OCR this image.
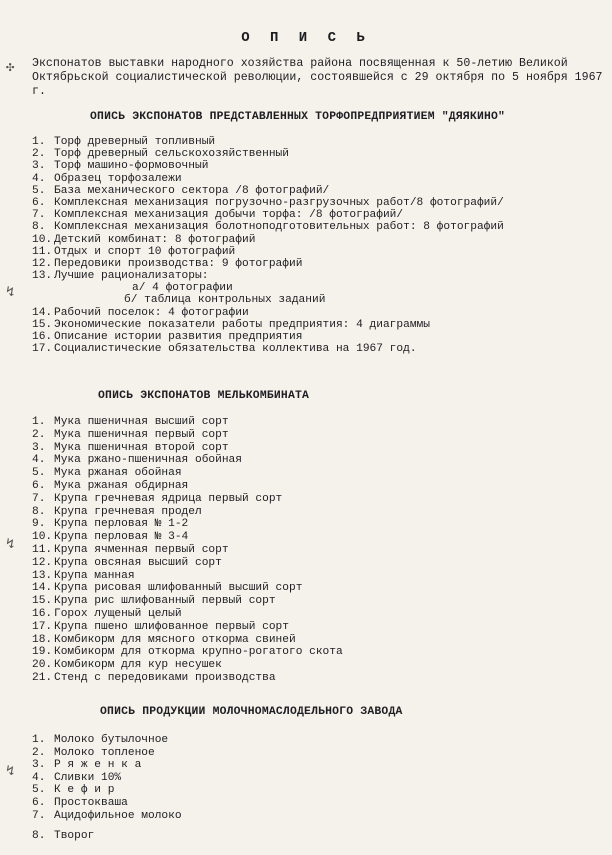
О П И С Ь
✣ Экспонатов выставки народного хозяйства района посвященная к 50-летию Великой Октябрьской социалистической революции, состоявшейся с 29 октября по 5 ноября 1967 г.
ОПИСЬ ЭКСПОНАТОВ ПРЕДСТАВЛЕННЫХ ТОРФОПРЕДПРИЯТИЕМ "ДЯЯКИНО"
1. Торф древерный топливный
2. Торф древерный сельскохозяйственный
3. Торф машино-формовочный
4. Образец торфозалежи
5. База механического сектора /8 фотографий/
6. Комплексная механизация погрузочно-разгрузочных работ/8 фотографий/
7. Комплексная механизация добычи торфа: /8 фотографий/
8. Комплексная механизация болотноподготовительных работ: 8 фотографий
10. Детский комбинат: 8 фотографий
11. Отдых и спорт 10 фотографий
12. Передовики производства: 9 фотографий
13. Лучшие рационализаторы:
а/ 4 фотографии
б/ таблица контрольных заданий
14. Рабочий поселок: 4 фотографии
15. Экономические показатели работы предприятия: 4 диаграммы
16. Описание истории развития предприятия
17. Социалистические обязательства коллектива на 1967 год.
↯
ОПИСЬ ЭКСПОНАТОВ МЕЛЬКОМБИНАТА
1. Мука пшеничная высший сорт
2. Мука пшеничная первый сорт
3. Мука пшеничная второй сорт
4. Мука ржано-пшеничная обойная
5. Мука ржаная обойная
6. Мука ржаная обдирная
7. Крупа гречневая ядрица первый сорт
8. Крупа гречневая продел
9. Крупа перловая № 1-2
10. Крупа перловая № 3-4
11. Крупа ячменная первый сорт
12. Крупа овсяная высший сорт
13. Крупа манная
14. Крупа рисовая шлифованный высший сорт
15. Крупа рис шлифованный первый сорт
16. Горох лущеный целый
17. Крупа пшено шлифованное первый сорт
18. Комбикорм для мясного откорма свиней
19. Комбикорм для откорма крупно-рогатого скота
20. Комбикорм для кур несушек
21. Стенд с передовиками производства
↯
ОПИСЬ ПРОДУКЦИИ МОЛОЧНОМАСЛОДЕЛЬНОГО ЗАВОДА
1. Молоко бутылочное
2. Молоко топленое
3. Р я ж е н к а
4. Сливки 10%
5. К е ф и р
6. Простокваша
7. Ацидофильное молоко
8. Творог
↯
